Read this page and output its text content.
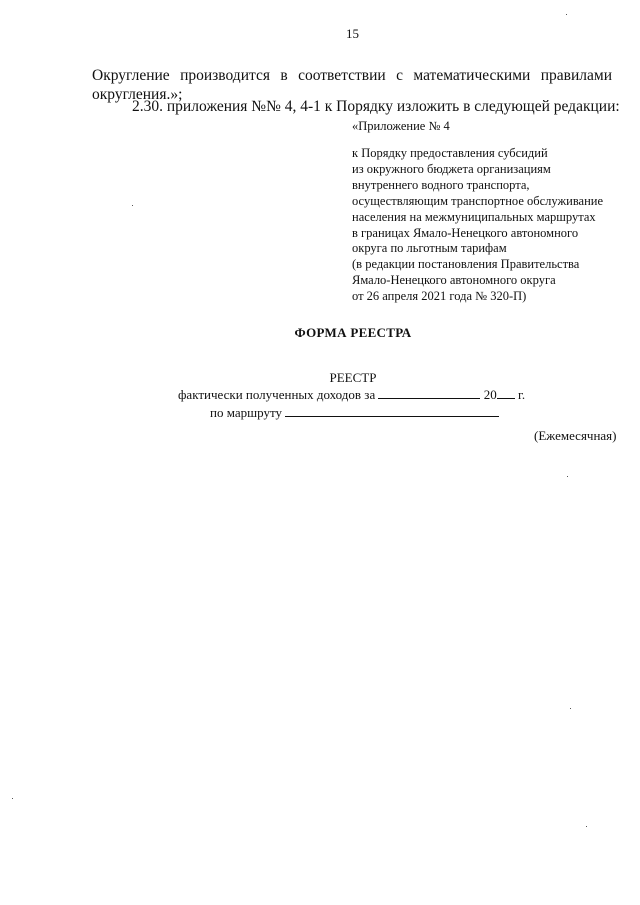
15
Округление производится в соответствии с математическими правилами
округления.»;
2.30. приложения №№ 4, 4-1 к Порядку изложить в следующей редакции:
«Приложение № 4
к Порядку предоставления субсидий
из окружного бюджета организациям
внутреннего водного транспорта,
осуществляющим транспортное обслуживание
населения на межмуниципальных маршрутах
в границах Ямало-Ненецкого автономного
округа по льготным тарифам
(в редакции постановления Правительства
Ямало-Ненецкого автономного округа
от 26 апреля 2021 года № 320-П)
ФОРМА РЕЕСТРА
РЕЕСТР
фактически полученных доходов за	20 г.
по маршруту
(Ежемесячная)
